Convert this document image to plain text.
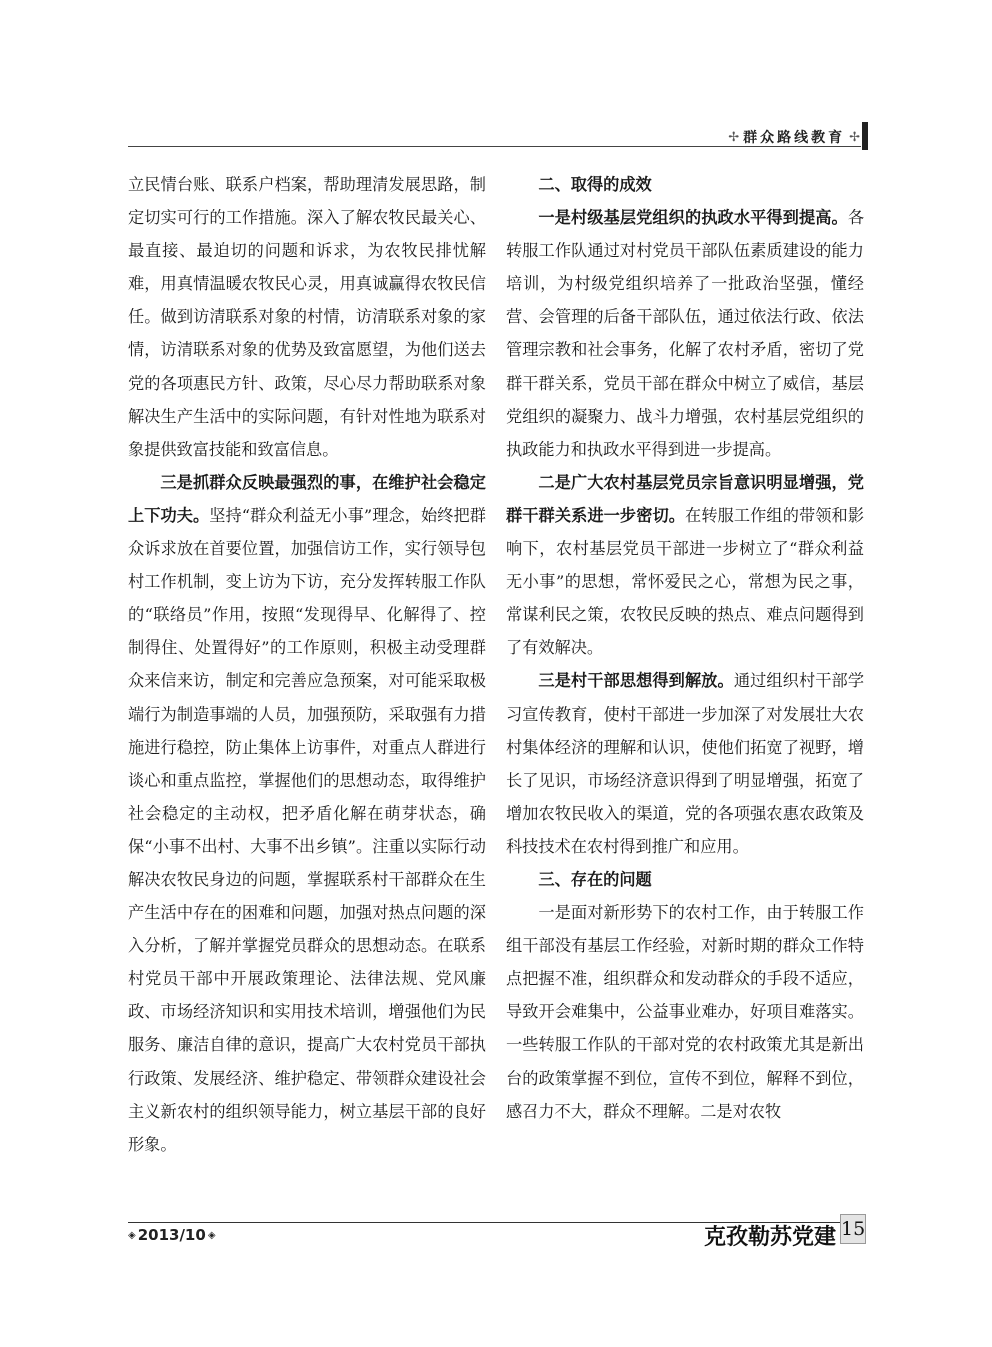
✢ 群众路线教育 ✢

立民情台账、联系户档案，帮助理清发展思路，制定切实可行的工作措施。深入了解农牧民最关心、最直接、最迫切的问题和诉求，为农牧民排忧解难，用真情温暖农牧民心灵，用真诚赢得农牧民信任。做到访清联系对象的村情，访清联系对象的家情，访清联系对象的优势及致富愿望，为他们送去党的各项惠民方针、政策，尽心尽力帮助联系对象解决生产生活中的实际问题，有针对性地为联系对象提供致富技能和致富信息。

三是抓群众反映最强烈的事，在维护社会稳定上下功夫。坚持“群众利益无小事”理念，始终把群众诉求放在首要位置，加强信访工作，实行领导包村工作机制，变上访为下访，充分发挥转服工作队的“联络员”作用，按照“发现得早、化解得了、控制得住、处置得好”的工作原则，积极主动受理群众来信来访，制定和完善应急预案，对可能采取极端行为制造事端的人员，加强预防，采取强有力措施进行稳控，防止集体上访事件，对重点人群进行谈心和重点监控，掌握他们的思想动态，取得维护社会稳定的主动权，把矛盾化解在萌芽状态，确保“小事不出村、大事不出乡镇”。注重以实际行动解决农牧民身边的问题，掌握联系村干部群众在生产生活中存在的困难和问题，加强对热点问题的深入分析，了解并掌握党员群众的思想动态。在联系村党员干部中开展政策理论、法律法规、党风廉政、市场经济知识和实用技术培训，增强他们为民服务、廉洁自律的意识，提高广大农村党员干部执行政策、发展经济、维护稳定、带领群众建设社会主义新农村的组织领导能力，树立基层干部的良好形象。

二、取得的成效

一是村级基层党组织的执政水平得到提高。各转服工作队通过对村党员干部队伍素质建设的能力培训，为村级党组织培养了一批政治坚强，懂经营、会管理的后备干部队伍，通过依法行政、依法管理宗教和社会事务，化解了农村矛盾，密切了党群干群关系，党员干部在群众中树立了威信，基层党组织的凝聚力、战斗力增强，农村基层党组织的执政能力和执政水平得到进一步提高。

二是广大农村基层党员宗旨意识明显增强，党群干群关系进一步密切。在转服工作组的带领和影响下，农村基层党员干部进一步树立了“群众利益无小事”的思想，常怀爱民之心，常想为民之事，常谋利民之策，农牧民反映的热点、难点问题得到了有效解决。

三是村干部思想得到解放。通过组织村干部学习宣传教育，使村干部进一步加深了对发展壮大农村集体经济的理解和认识，使他们拓宽了视野，增长了见识，市场经济意识得到了明显增强，拓宽了增加农牧民收入的渠道，党的各项强农惠农政策及科技技术在农村得到推广和应用。

三、存在的问题

一是面对新形势下的农村工作，由于转服工作组干部没有基层工作经验，对新时期的群众工作特点把握不准，组织群众和发动群众的手段不适应，导致开会难集中，公益事业难办，好项目难落实。一些转服工作队的干部对党的农村政策尤其是新出台的政策掌握不到位，宣传不到位，解释不到位，感召力不大，群众不理解。二是对农牧

◈ 2013/10 ◈	克孜勒苏党建 15
